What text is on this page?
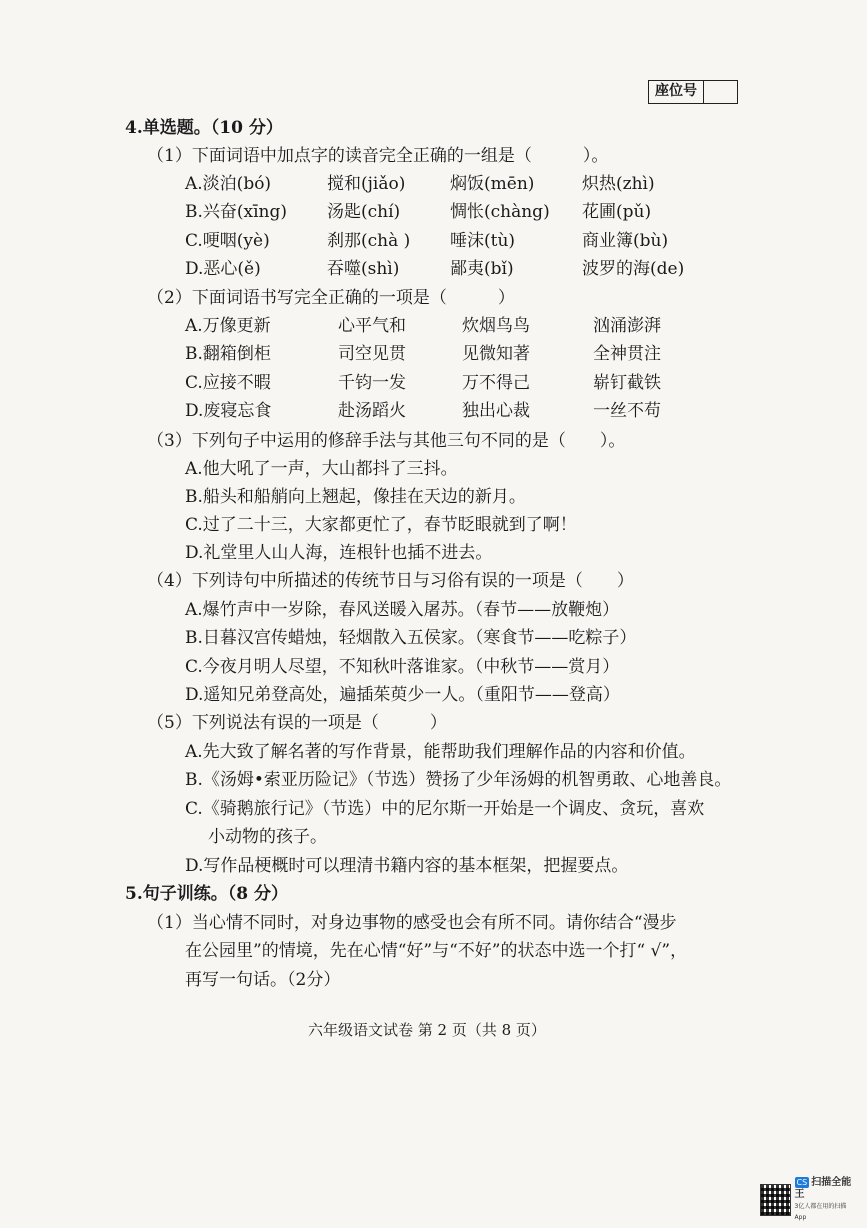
座位号
4.单选题。（10 分）
（1）下面词语中加点字的读音完全正确的一组是（　　　）。
A.淡泊(bó)	搅和(jiǎo)	焖饭(mēn)	炽热(zhì)
B.兴奋(xīng) 汤匙(chí)	惆怅(chàng) 花圃(pǔ)
C.哽咽(yè)	刹那(chà ) 唾沫(tù)	商业簿(bù)
D.恶心(ě)	吞噬(shì)	鄙夷(bǐ)	波罗的海(de)
（2）下面词语书写完全正确的一项是（　　　）
A.万像更新	心平气和	炊烟鸟鸟	汹涌澎湃
B.翻箱倒柜	司空见贯	见微知著	全神贯注
C.应接不暇	千钧一发	万不得己	崭钉截铁
D.废寝忘食	赴汤蹈火	独出心裁	一丝不苟
（3）下列句子中运用的修辞手法与其他三句不同的是（　　）。
A.他大吼了一声，大山都抖了三抖。
B.船头和船艄向上翘起，像挂在天边的新月。
C.过了二十三，大家都更忙了，春节眨眼就到了啊！
D.礼堂里人山人海，连根针也插不进去。
（4）下列诗句中所描述的传统节日与习俗有误的一项是（　　）
A.爆竹声中一岁除，春风送暖入屠苏。（春节——放鞭炮）
B.日暮汉宫传蜡烛，轻烟散入五侯家。（寒食节——吃粽子）
C.今夜月明人尽望，不知秋叶落谁家。（中秋节——赏月）
D.遥知兄弟登高处，遍插茱萸少一人。（重阳节——登高）
（5）下列说法有误的一项是（　　　）
A.先大致了解名著的写作背景，能帮助我们理解作品的内容和价值。
B.《汤姆•索亚历险记》（节选）赞扬了少年汤姆的机智勇敢、心地善良。
C.《骑鹅旅行记》（节选）中的尼尔斯一开始是一个调皮、贪玩，喜欢
小动物的孩子。
D.写作品梗概时可以理清书籍内容的基本框架，把握要点。
5.句子训练。（8 分）
（1）当心情不同时，对身边事物的感受也会有所不同。请你结合“漫步
在公园里”的情境，先在心情“好”与“不好”的状态中选一个打“ √”，
再写一句话。（2分）
六年级语文试卷 第 2 页（共 8 页）
CS 扫描全能王
3亿人都在用的扫描App
